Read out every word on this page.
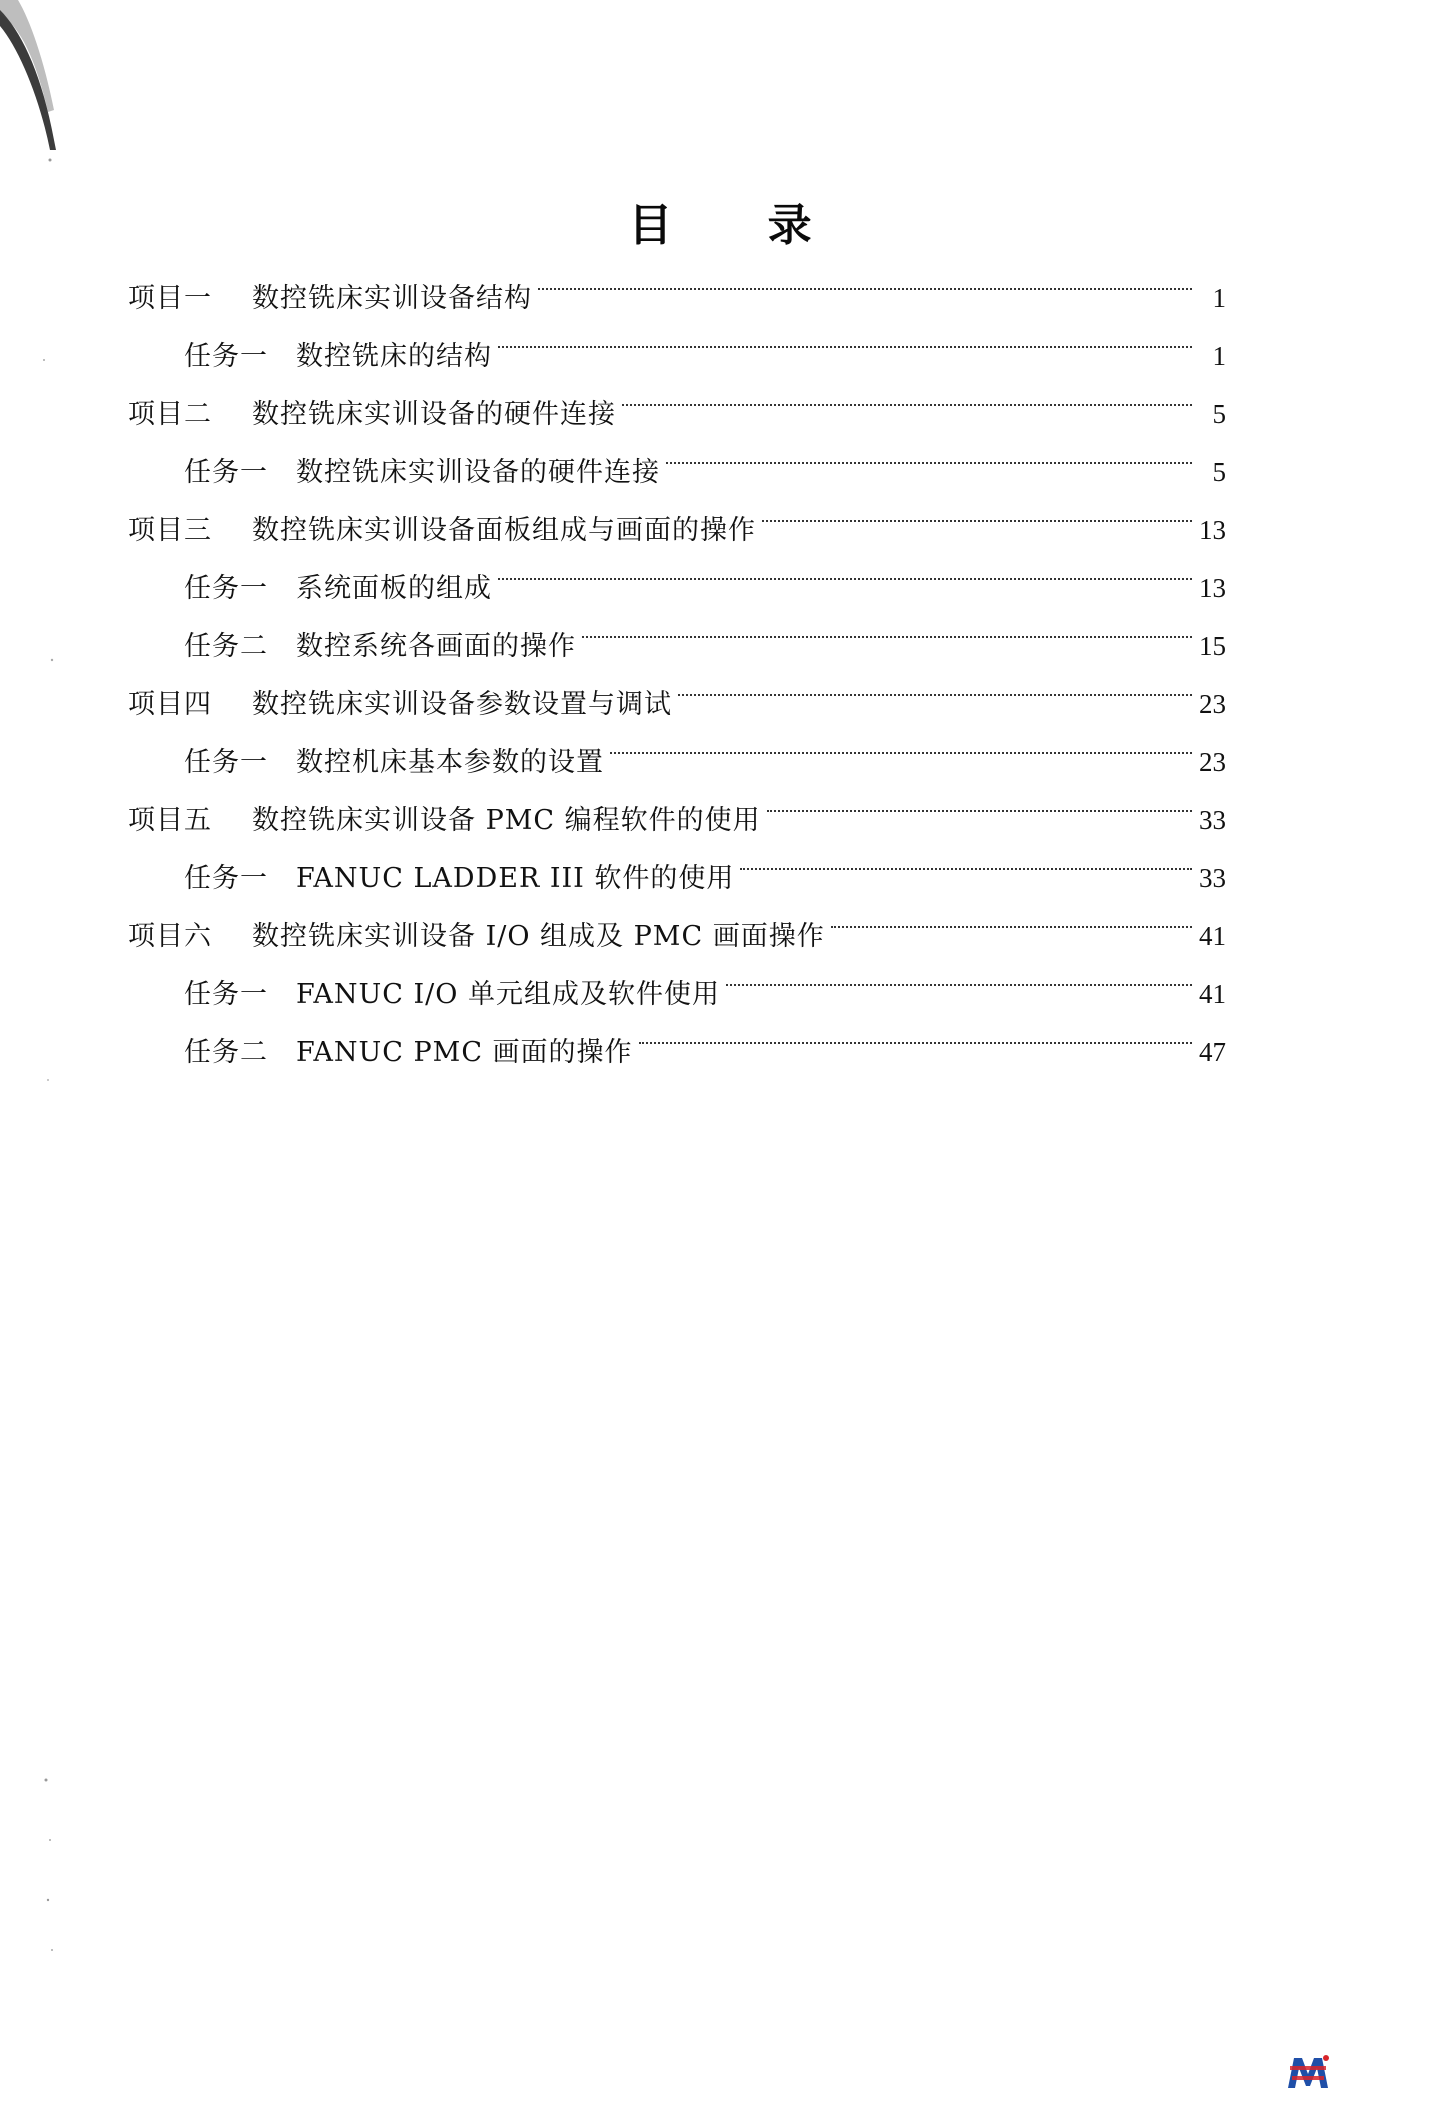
目 录
项目一	数控铣床实训设备结构	1
任务一	数控铣床的结构	1
项目二	数控铣床实训设备的硬件连接	5
任务一	数控铣床实训设备的硬件连接	5
项目三	数控铣床实训设备面板组成与画面的操作	13
任务一	系统面板的组成	13
任务二	数控系统各画面的操作	15
项目四	数控铣床实训设备参数设置与调试	23
任务一	数控机床基本参数的设置	23
项目五	数控铣床实训设备 PMC 编程软件的使用	33
任务一	FANUC LADDER III 软件的使用	33
项目六	数控铣床实训设备 I/O 组成及 PMC 画面操作	41
任务一	FANUC I/O 单元组成及软件使用	41
任务二	FANUC PMC 画面的操作	47
